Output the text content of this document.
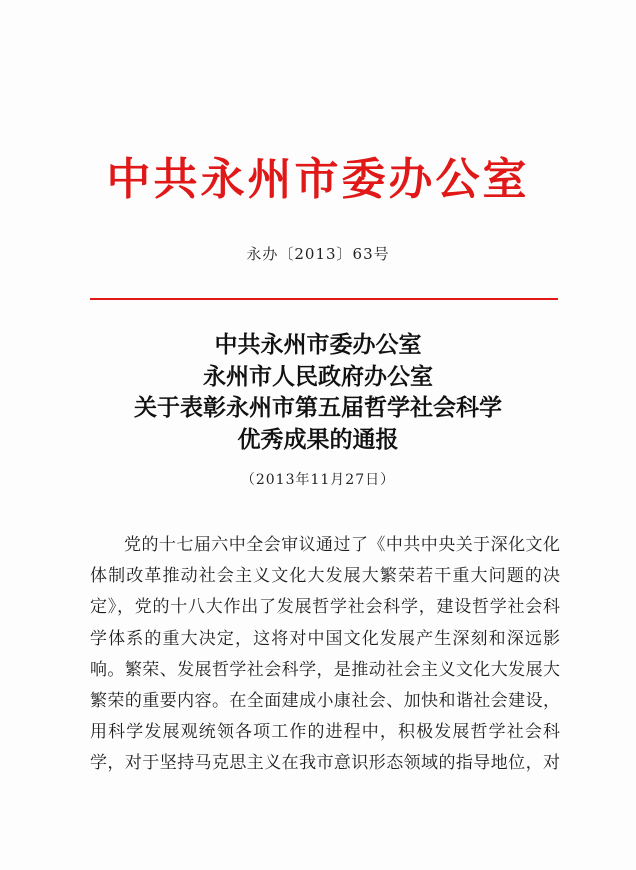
中共永州市委办公室
永办〔2013〕63号
中共永州市委办公室
永州市人民政府办公室
关于表彰永州市第五届哲学社会科学
优秀成果的通报
（2013年11月27日）
党的十七届六中全会审议通过了《中共中央关于深化文化
体制改革推动社会主义文化大发展大繁荣若干重大问题的决
定》，党的十八大作出了发展哲学社会科学，建设哲学社会科
学体系的重大决定，这将对中国文化发展产生深刻和深远影
响。繁荣、发展哲学社会科学，是推动社会主义文化大发展大
繁荣的重要内容。在全面建成小康社会、加快和谐社会建设，
用科学发展观统领各项工作的进程中，积极发展哲学社会科
学，对于坚持马克思主义在我市意识形态领域的指导地位，对
